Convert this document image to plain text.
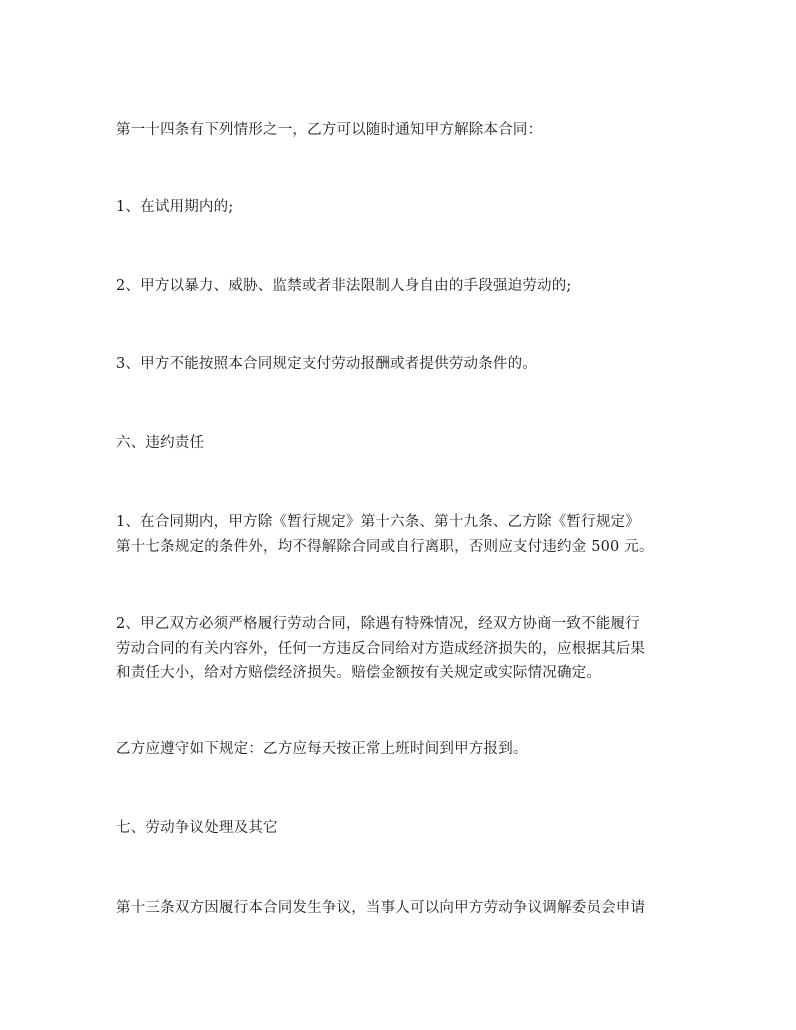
第一十四条有下列情形之一，乙方可以随时通知甲方解除本合同：
1、在试用期内的;
2、甲方以暴力、威胁、监禁或者非法限制人身自由的手段强迫劳动的;
3、甲方不能按照本合同规定支付劳动报酬或者提供劳动条件的。
六、违约责任
1、在合同期内，甲方除《暂行规定》第十六条、第十九条、乙方除《暂行规定》
第十七条规定的条件外，均不得解除合同或自行离职，否则应支付违约金 500 元。
2、甲乙双方必须严格履行劳动合同，除遇有特殊情况，经双方协商一致不能履行
劳动合同的有关内容外，任何一方违反合同给对方造成经济损失的，应根据其后果
和责任大小，给对方赔偿经济损失。赔偿金额按有关规定或实际情况确定。
乙方应遵守如下规定：乙方应每天按正常上班时间到甲方报到。
七、劳动争议处理及其它
第十三条双方因履行本合同发生争议，当事人可以向甲方劳动争议调解委员会申请
